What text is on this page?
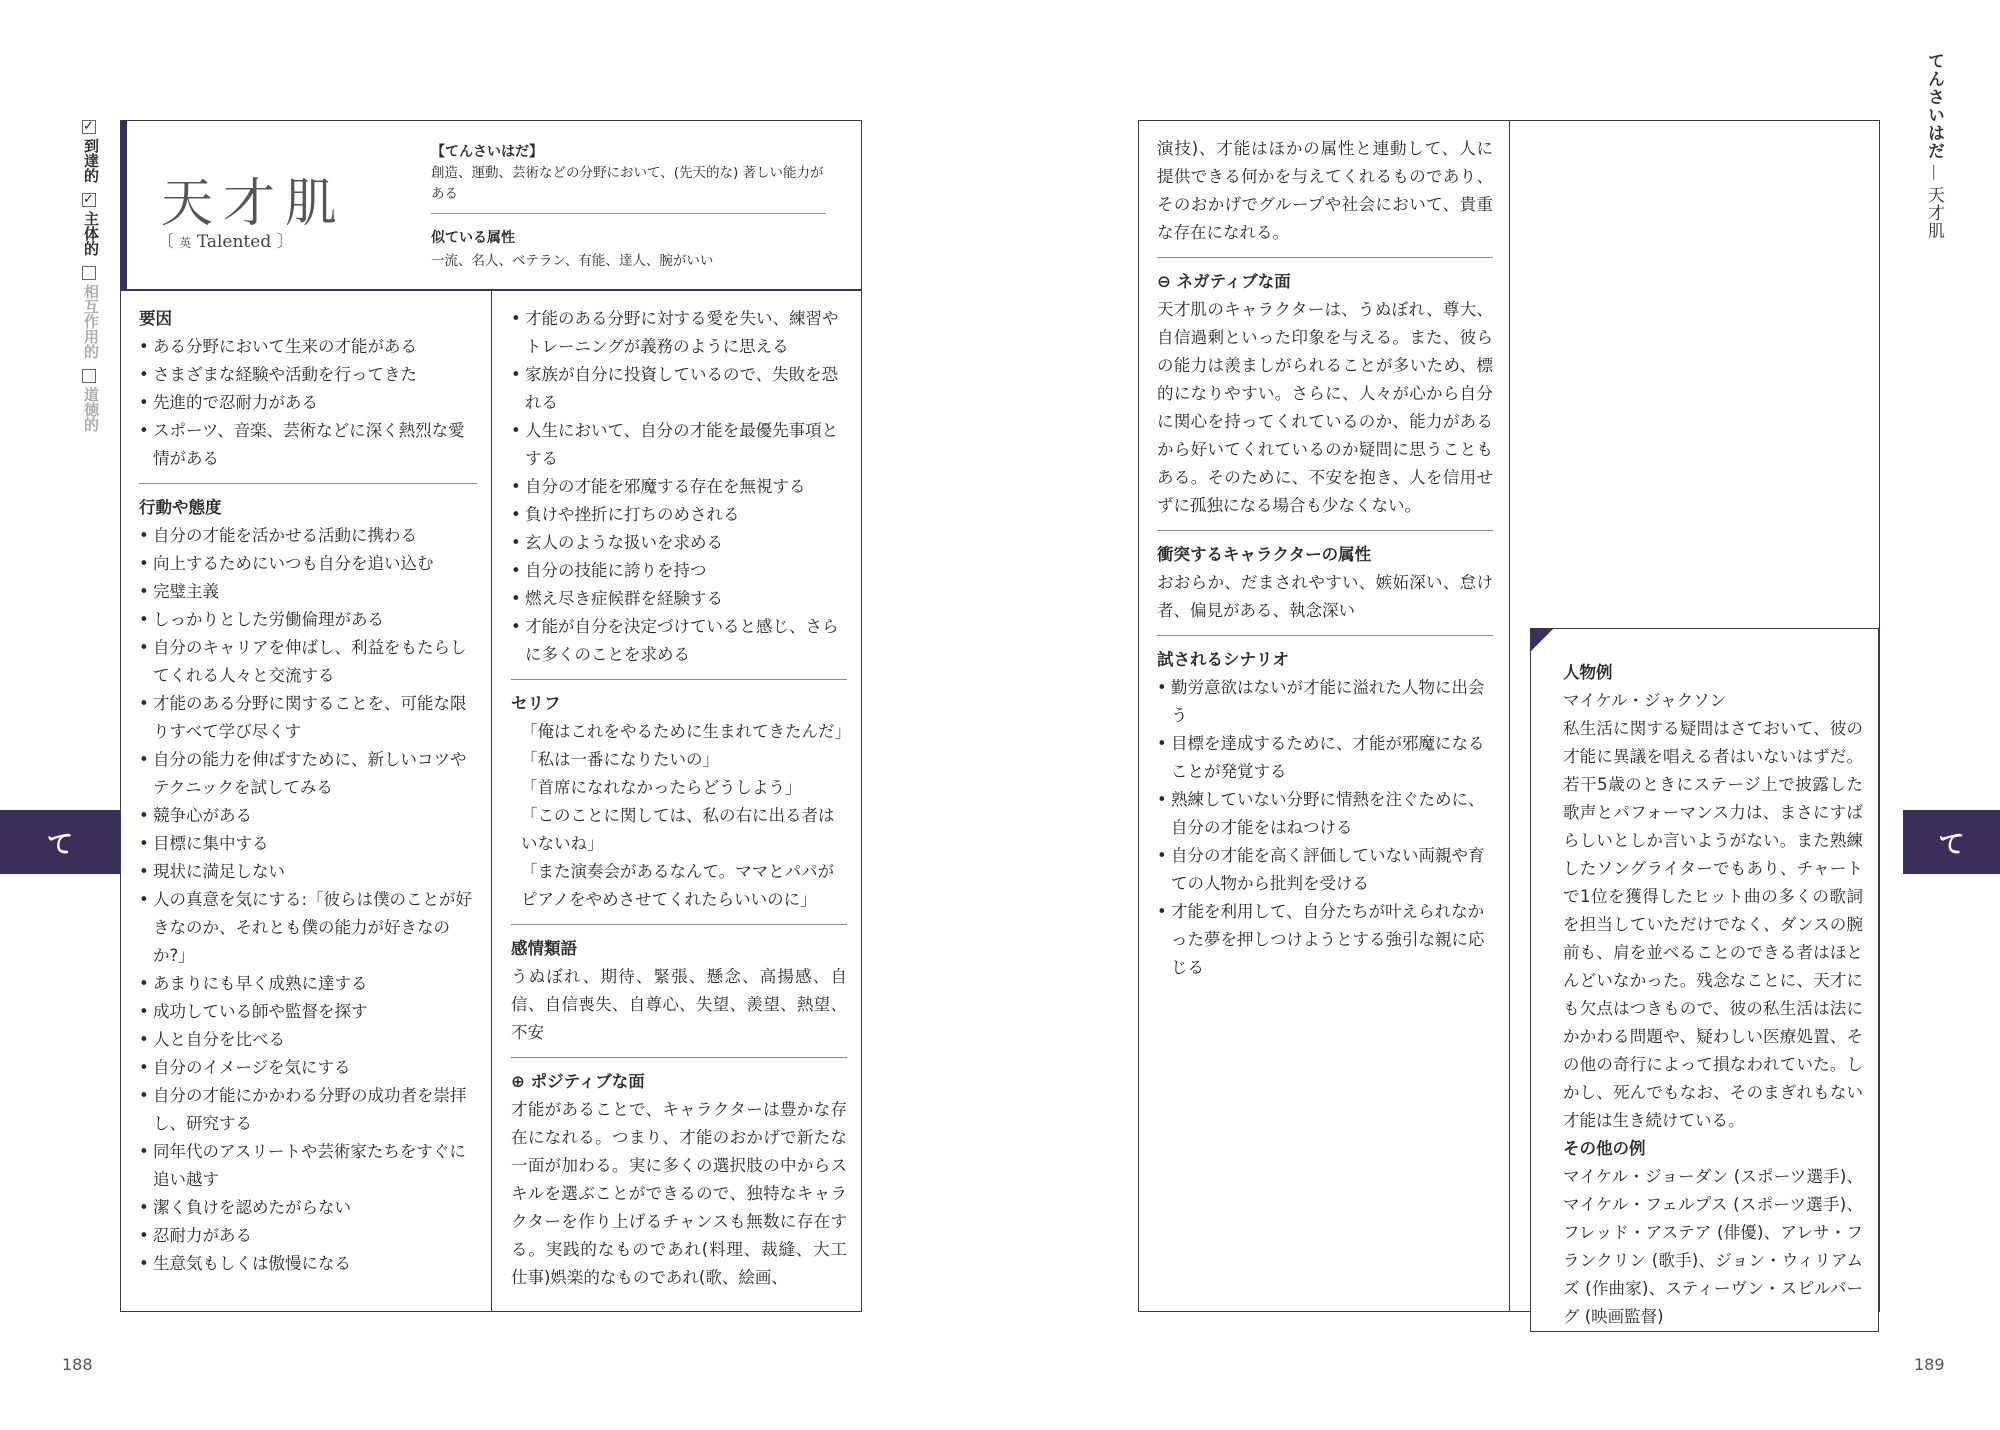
✓
到達的
✓
主体的
相互作用的
道徳的
天才肌
〔 英 Talented 〕
【てんさいはだ】
創造、運動、芸術などの分野において、(先天的な) 著しい能力がある
似ている属性
一流、名人、ベテラン、有能、達人、腕がいい
要因
• ある分野において生来の才能がある
• さまざまな経験や活動を行ってきた
• 先進的で忍耐力がある
• スポーツ、音楽、芸術などに深く熱烈な愛情がある
行動や態度
• 自分の才能を活かせる活動に携わる
• 向上するためにいつも自分を追い込む
• 完璧主義
• しっかりとした労働倫理がある
• 自分のキャリアを伸ばし、利益をもたらしてくれる人々と交流する
• 才能のある分野に関することを、可能な限りすべて学び尽くす
• 自分の能力を伸ばすために、新しいコツやテクニックを試してみる
• 競争心がある
• 目標に集中する
• 現状に満足しない
• 人の真意を気にする:「彼らは僕のことが好きなのか、それとも僕の能力が好きなのか?」
• あまりにも早く成熟に達する
• 成功している師や監督を探す
• 人と自分を比べる
• 自分のイメージを気にする
• 自分の才能にかかわる分野の成功者を崇拝し、研究する
• 同年代のアスリートや芸術家たちをすぐに追い越す
• 潔く負けを認めたがらない
• 忍耐力がある
• 生意気もしくは傲慢になる
• 才能のある分野に対する愛を失い、練習やトレーニングが義務のように思える
• 家族が自分に投資しているので、失敗を恐れる
• 人生において、自分の才能を最優先事項とする
• 自分の才能を邪魔する存在を無視する
• 負けや挫折に打ちのめされる
• 玄人のような扱いを求める
• 自分の技能に誇りを持つ
• 燃え尽き症候群を経験する
• 才能が自分を決定づけていると感じ、さらに多くのことを求める
セリフ
「俺はこれをやるために生まれてきたんだ」
「私は一番になりたいの」
「首席になれなかったらどうしよう」
「このことに関しては、私の右に出る者はいないね」
「また演奏会があるなんて。ママとパパがピアノをやめさせてくれたらいいのに」
感情類語
うぬぼれ、期待、緊張、懸念、高揚感、自信、自信喪失、自尊心、失望、羨望、熱望、不安
⊕ ポジティブな面
才能があることで、キャラクターは豊かな存在になれる。つまり、才能のおかげで新たな一面が加わる。実に多くの選択肢の中からスキルを選ぶことができるので、独特なキャラクターを作り上げるチャンスも無数に存在する。実践的なものであれ(料理、裁縫、大工仕事)娯楽的なものであれ(歌、絵画、
て
188
演技)、才能はほかの属性と連動して、人に提供できる何かを与えてくれるものであり、そのおかげでグループや社会において、貴重な存在になれる。
⊖ ネガティブな面
天才肌のキャラクターは、うぬぼれ、尊大、自信過剰といった印象を与える。また、彼らの能力は羨ましがられることが多いため、標的になりやすい。さらに、人々が心から自分に関心を持ってくれているのか、能力があるから好いてくれているのか疑問に思うこともある。そのために、不安を抱き、人を信用せずに孤独になる場合も少なくない。
衝突するキャラクターの属性
おおらか、だまされやすい、嫉妬深い、怠け者、偏見がある、執念深い
試されるシナリオ
• 勤労意欲はないが才能に溢れた人物に出会う
• 目標を達成するために、才能が邪魔になることが発覚する
• 熟練していない分野に情熱を注ぐために、自分の才能をはねつける
• 自分の才能を高く評価していない両親や育ての人物から批判を受ける
• 才能を利用して、自分たちが叶えられなかった夢を押しつけようとする強引な親に応じる
人物例
マイケル・ジャクソン
私生活に関する疑問はさておいて、彼の才能に異議を唱える者はいないはずだ。若干5歳のときにステージ上で披露した歌声とパフォーマンス力は、まさにすばらしいとしか言いようがない。また熟練したソングライターでもあり、チャートで1位を獲得したヒット曲の多くの歌詞を担当していただけでなく、ダンスの腕前も、肩を並べることのできる者はほとんどいなかった。残念なことに、天才にも欠点はつきもので、彼の私生活は法にかかわる問題や、疑わしい医療処置、その他の奇行によって損なわれていた。しかし、死んでもなお、そのまぎれもない才能は生き続けている。
その他の例
マイケル・ジョーダン (スポーツ選手)、マイケル・フェルプス (スポーツ選手)、フレッド・アステア (俳優)、アレサ・フランクリン (歌手)、ジョン・ウィリアムズ (作曲家)、スティーヴン・スピルバーグ (映画監督)
てんさいはだ—天才肌
て
189
